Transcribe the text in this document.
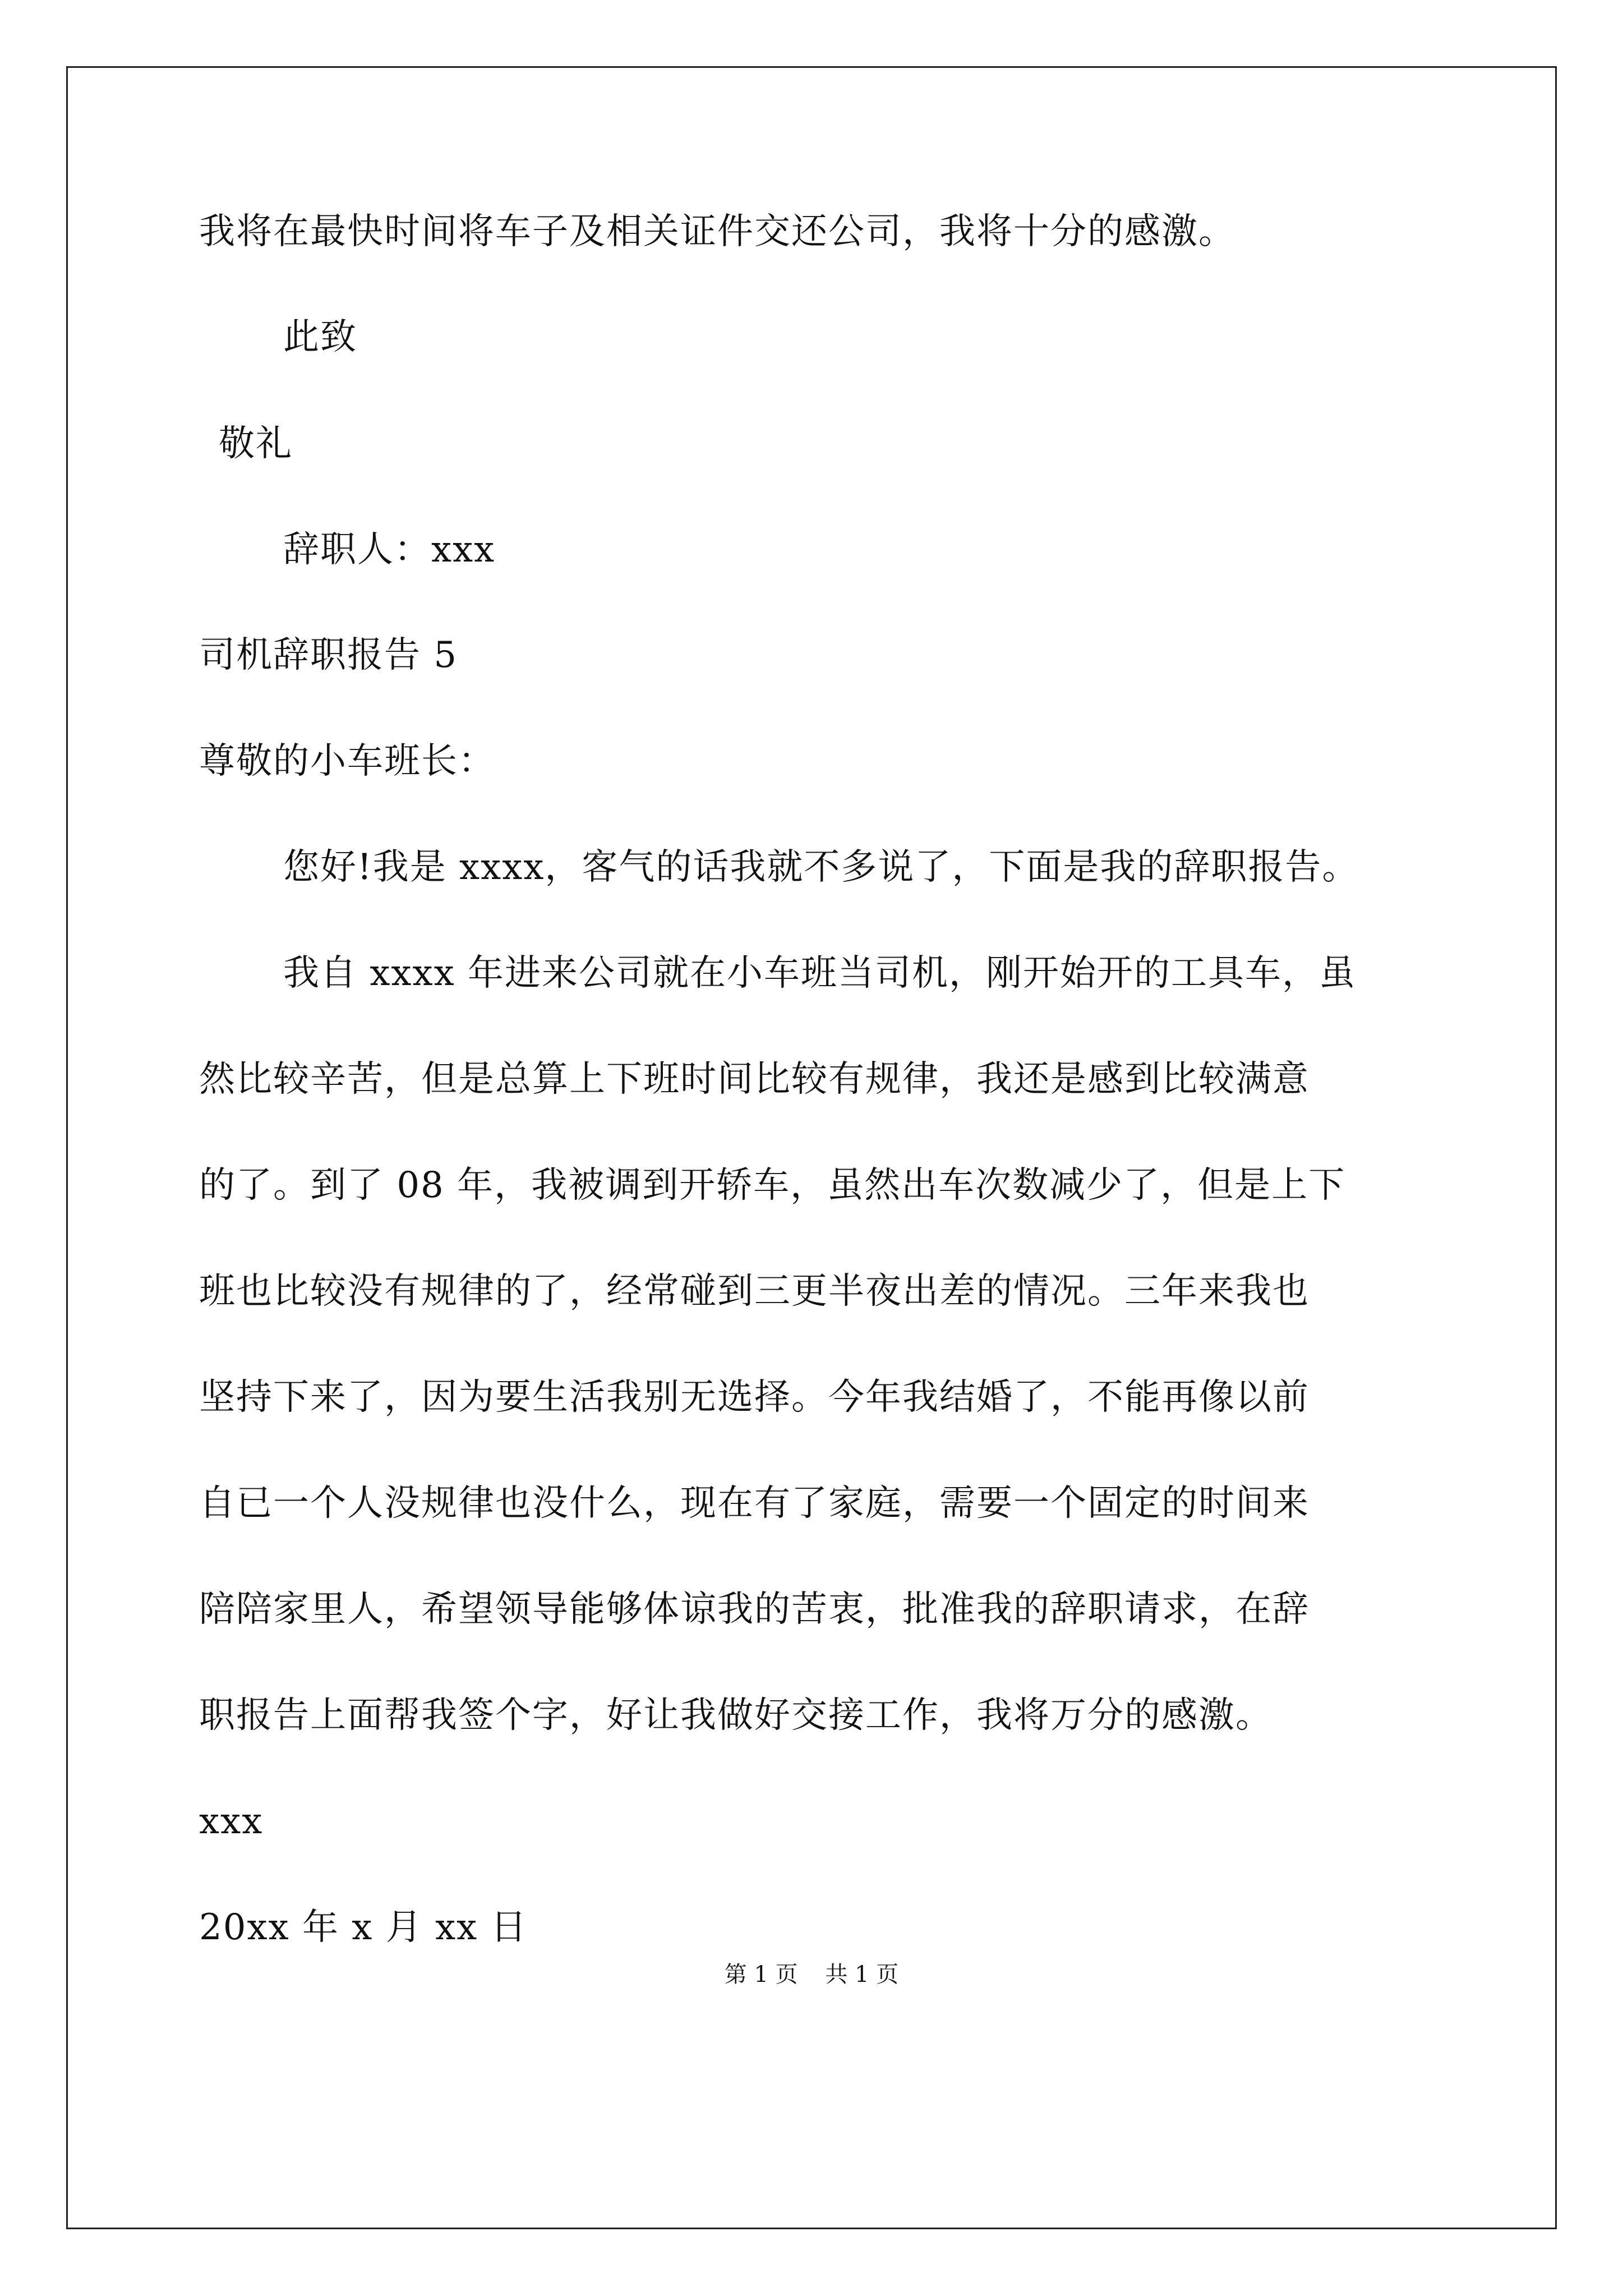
我将在最快时间将车子及相关证件交还公司，我将十分的感激。
此致
敬礼
辞职人：xxx
司机辞职报告 5
尊敬的小车班长：
您好!我是 xxxx，客气的话我就不多说了，下面是我的辞职报告。
我自 xxxx 年进来公司就在小车班当司机，刚开始开的工具车，虽
然比较辛苦，但是总算上下班时间比较有规律，我还是感到比较满意
的了。到了 08 年，我被调到开轿车，虽然出车次数减少了，但是上下
班也比较没有规律的了，经常碰到三更半夜出差的情况。三年来我也
坚持下来了，因为要生活我别无选择。今年我结婚了，不能再像以前
自已一个人没规律也没什么，现在有了家庭，需要一个固定的时间来
陪陪家里人，希望领导能够体谅我的苦衷，批准我的辞职请求，在辞
职报告上面帮我签个字，好让我做好交接工作，我将万分的感激。
xxx
20xx 年 x 月 xx 日
第 1 页 共 1 页
